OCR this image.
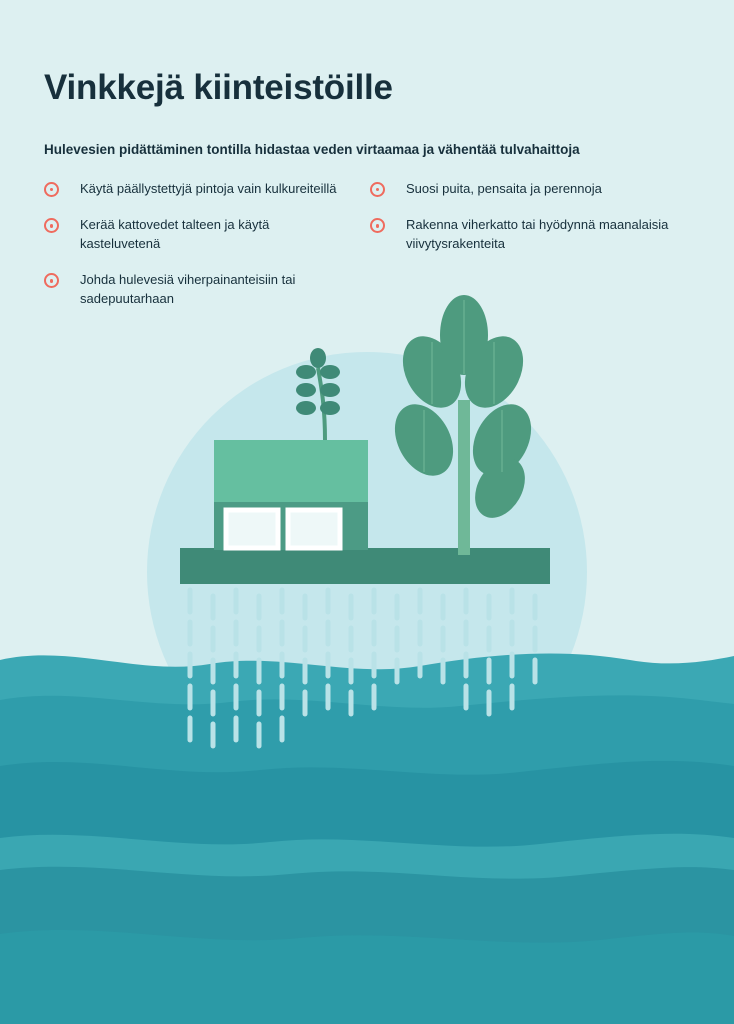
Vinkkejä kiinteistöille
Hulevesien pidättäminen tontilla hidastaa veden virtaamaa ja vähentää tulvahaittoja
Käytä päällystettyjä pintoja vain kulkureiteillä
Kerää kattovedet talteen ja käytä kasteluvetenä
Johda hulevesiä viherpainanteisiin tai sadepuutarhaan
Suosi puita, pensaita ja perennoja
Rakenna viherkatto tai hyödynnä maanalaisia viivytysrakenteita
